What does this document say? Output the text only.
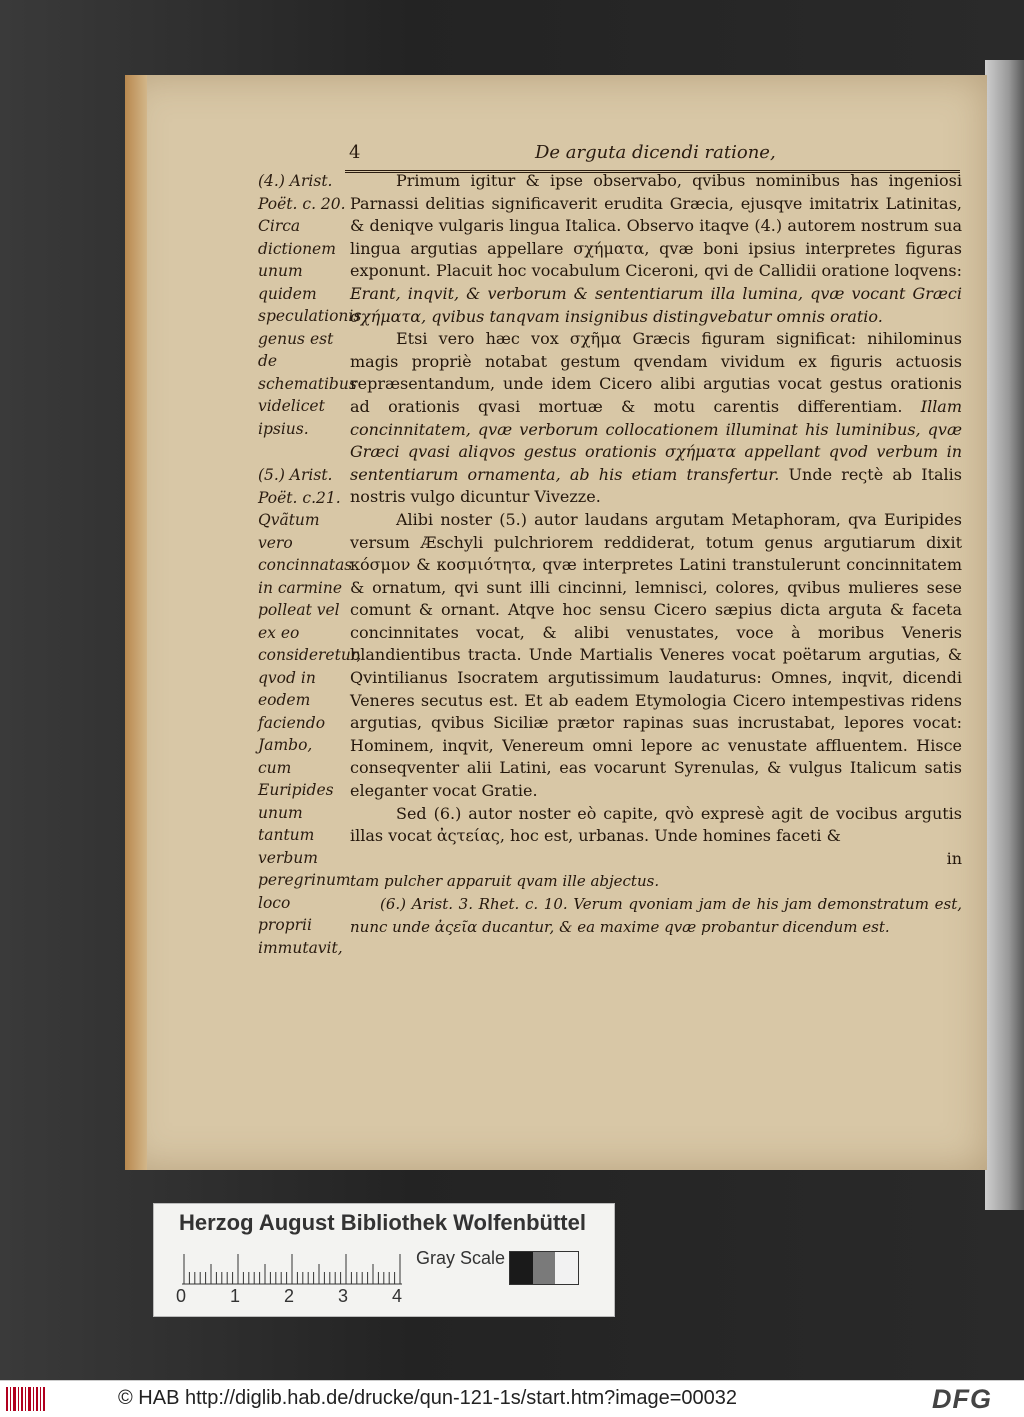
4	De arguta dicendi ratione,

(4.) Arist. Poët. c. 20. Circa dictionem unum quidem speculationis genus est de schematibus videlicet ipsius.

(5.) Arist. Poët. c.21. Qvãtum vero concinnatas in carmine polleat vel ex eo consideretur, qvod in eodem faciendo Jambo, cum Euripides unum tantum verbum peregrinum loco proprii immutavit,

Primum igitur & ipse observabo, qvibus nominibus has ingeniosi Parnassi delitias significaverit erudita Græcia, ejusqve imitatrix Latinitas, & deniqve vulgaris lingua Italica. Observo itaqve (4.) autorem nostrum sua lingua argutias appellare σχήματα, qvæ boni ipsius interpretes figuras exponunt. Placuit hoc vocabulum Ciceroni, qvi de Callidii oratione loqvens: Erant, inqvit, & verborum & sententiarum illa lumina, qvæ vocant Græci σχήματα, qvibus tanqvam insignibus distingvebatur omnis oratio.

Etsi vero hæc vox σχῆμα Græcis figuram significat: nihilominus magis propriè notabat gestum qvendam vividum ex figuris actuosis repræsentandum, unde idem Cicero alibi argutias vocat gestus orationis ad orationis qvasi mortuæ & motu carentis differentiam. Illam concinnitatem, qvæ verborum collocationem illuminat his luminibus, qvæ Græci qvasi aliqvos gestus orationis σχήματα appellant qvod verbum in sententiarum ornamenta, ab his etiam transfertur. Unde reςtè ab Italis nostris vulgo dicuntur Vivezze.

Alibi noster (5.) autor laudans argutam Metaphoram, qva Euripides versum Æschyli pulchriorem reddiderat, totum genus argutiarum dixit κόσμον & κοσμιότητα, qvæ interpretes Latini transtulerunt concinnitatem & ornatum, qvi sunt illi cincinni, lemnisci, colores, qvibus mulieres sese comunt & ornant. Atqve hoc sensu Cicero sæpius dicta arguta & faceta concinnitates vocat, & alibi venustates, voce à moribus Veneris blandientibus tracta. Unde Martialis Veneres vocat poëtarum argutias, & Qvintilianus Isocratem argutissimum laudaturus: Omnes, inqvit, dicendi Veneres secutus est. Et ab eadem Etymologia Cicero intempestivas ridens argutias, qvibus Siciliæ prætor rapinas suas incrustabat, lepores vocat: Hominem, inqvit, Venereum omni lepore ac venustate affluentem. Hisce conseqventer alii Latini, eas vocarunt Syrenulas, & vulgus Italicum satis eleganter vocat Gratie.

Sed (6.) autor noster eò capite, qvò expresè agit de vocibus argutis illas vocat ἀςτείας, hoc est, urbanas. Unde homines faceti &

in

tam pulcher apparuit qvam ille abjectus.

(6.) Arist. 3. Rhet. c. 10. Verum qvoniam jam de his jam demonstratum est, nunc unde ἀςεῖα ducantur, & ea maxime qvæ probantur dicendum est.

Herzog August Bibliothek Wolfenbüttel
Gray Scale
0 1 2 3 4
© HAB http://diglib.hab.de/drucke/qun-121-1s/start.htm?image=00032	DFG
